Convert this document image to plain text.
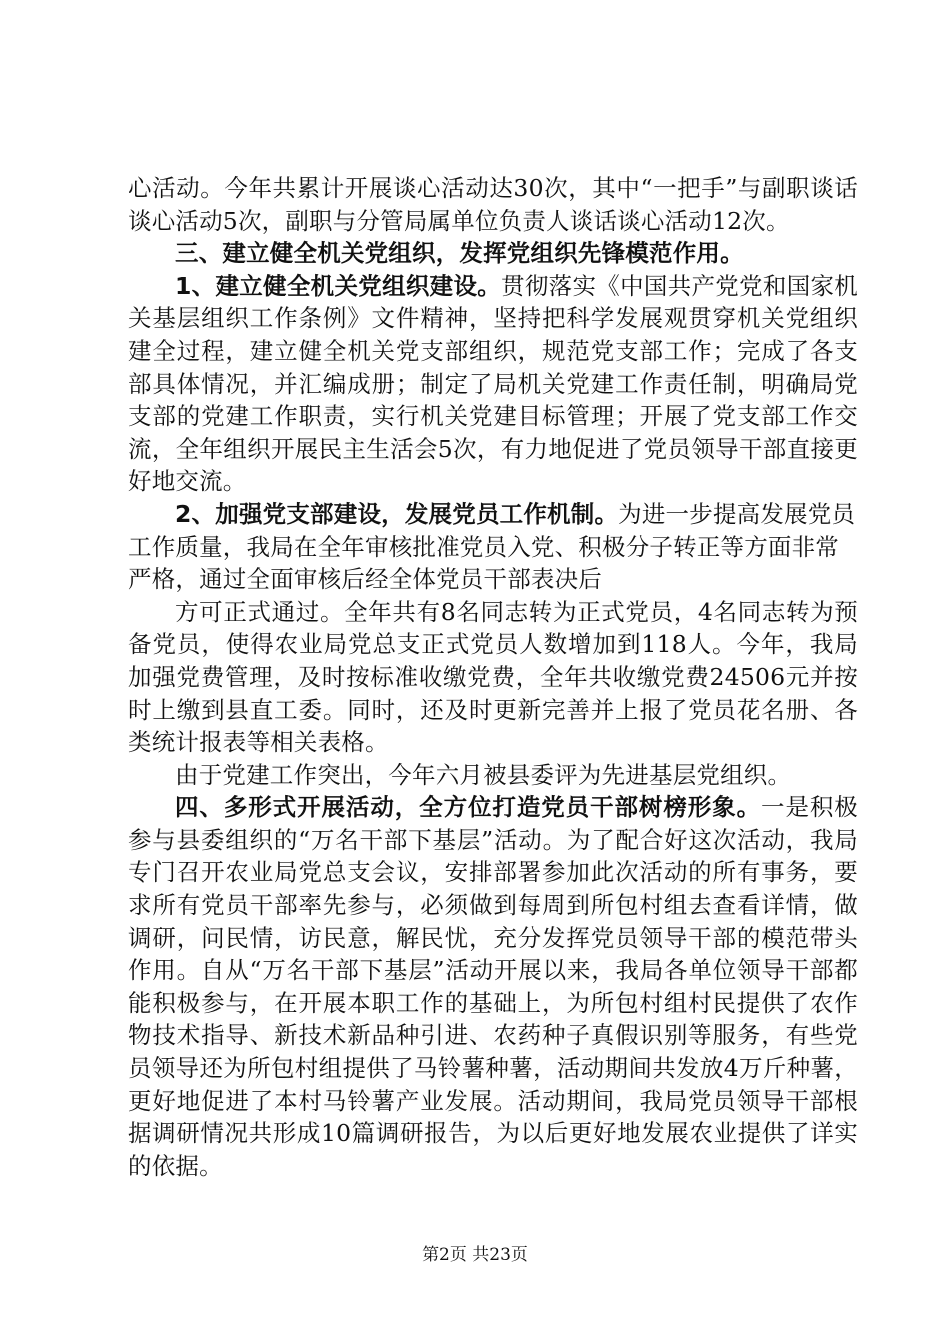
心活动。今年共累计开展谈心活动达30次，其中“一把手”与副职谈话谈心活动5次，副职与分管局属单位负责人谈话谈心活动12次。

三、建立健全机关党组织，发挥党组织先锋模范作用。

1、建立健全机关党组织建设。贯彻落实《中国共产党党和国家机关基层组织工作条例》文件精神，坚持把科学发展观贯穿机关党组织建全过程，建立健全机关党支部组织，规范党支部工作；完成了各支部具体情况，并汇编成册；制定了局机关党建工作责任制，明确局党支部的党建工作职责，实行机关党建目标管理；开展了党支部工作交流，全年组织开展民主生活会5次，有力地促进了党员领导干部直接更好地交流。

2、加强党支部建设，发展党员工作机制。为进一步提高发展党员工作质量，我局在全年审核批准党员入党、积极分子转正等方面非常严格，通过全面审核后经全体党员干部表决后

方可正式通过。全年共有8名同志转为正式党员，4名同志转为预备党员，使得农业局党总支正式党员人数增加到118人。今年，我局加强党费管理，及时按标准收缴党费，全年共收缴党费24506元并按时上缴到县直工委。同时，还及时更新完善并上报了党员花名册、各类统计报表等相关表格。

由于党建工作突出，今年六月被县委评为先进基层党组织。

四、多形式开展活动，全方位打造党员干部树榜形象。一是积极参与县委组织的“万名干部下基层”活动。为了配合好这次活动，我局专门召开农业局党总支会议，安排部署参加此次活动的所有事务，要求所有党员干部率先参与，必须做到每周到所包村组去查看详情，做调研，问民情，访民意，解民忧，充分发挥党员领导干部的模范带头作用。自从“万名干部下基层”活动开展以来，我局各单位领导干部都能积极参与，在开展本职工作的基础上，为所包村组村民提供了农作物技术指导、新技术新品种引进、农药种子真假识别等服务，有些党员领导还为所包村组提供了马铃薯种薯，活动期间共发放4万斤种薯，更好地促进了本村马铃薯产业发展。活动期间，我局党员领导干部根据调研情况共形成10篇调研报告，为以后更好地发展农业提供了详实的依据。

第2页 共23页
